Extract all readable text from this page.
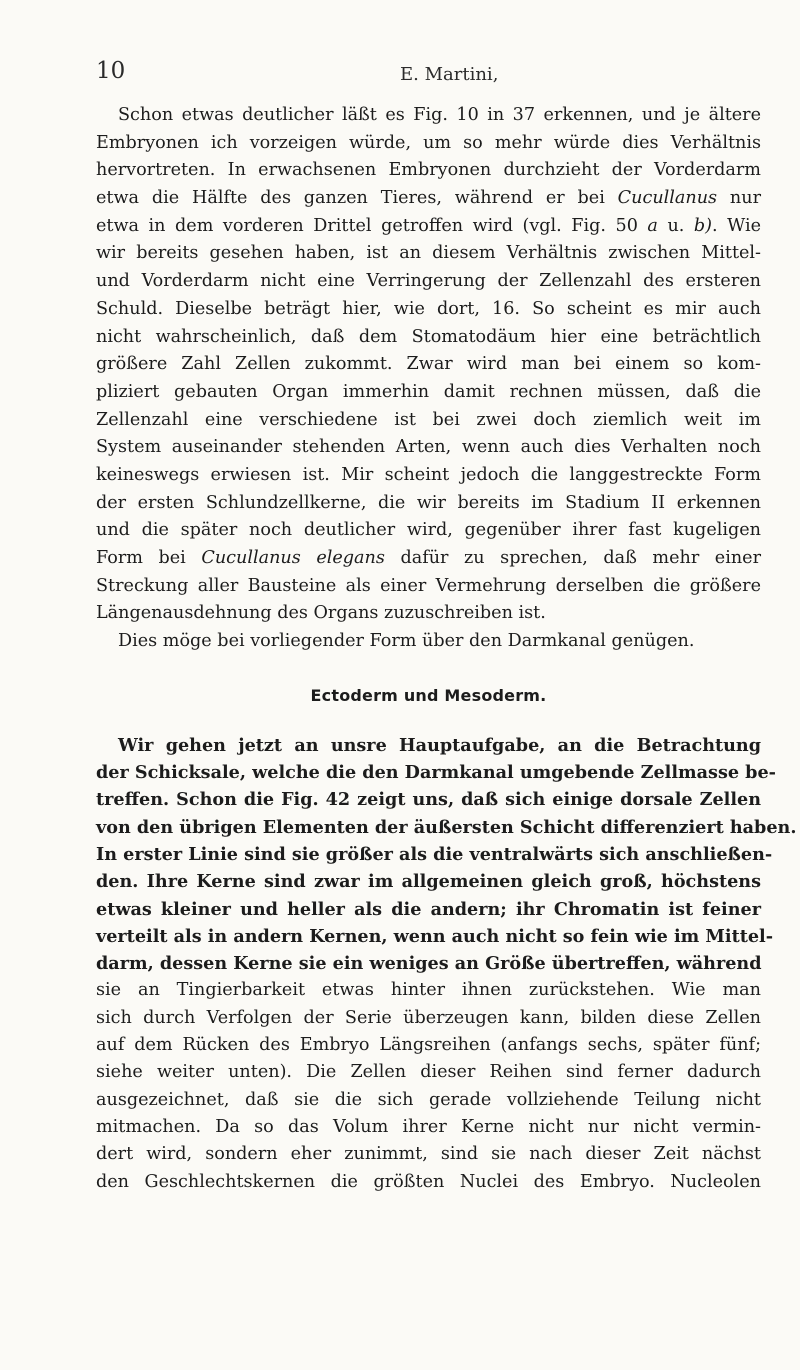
10	E. Martini,
Schon etwas deutlicher läßt es Fig. 10 in 37 erkennen, und je ältere
Embryonen ich vorzeigen würde, um so mehr würde dies Verhältnis
hervortreten. In erwachsenen Embryonen durchzieht der Vorderdarm
etwa die Hälfte des ganzen Tieres, während er bei Cucullanus nur
etwa in dem vorderen Drittel getroffen wird (vgl. Fig. 50 a u. b). Wie
wir bereits gesehen haben, ist an diesem Verhältnis zwischen Mittel-
und Vorderdarm nicht eine Verringerung der Zellenzahl des ersteren
Schuld. Dieselbe beträgt hier, wie dort, 16. So scheint es mir auch
nicht wahrscheinlich, daß dem Stomatodäum hier eine beträchtlich
größere Zahl Zellen zukommt. Zwar wird man bei einem so kom-
pliziert gebauten Organ immerhin damit rechnen müssen, daß die
Zellenzahl eine verschiedene ist bei zwei doch ziemlich weit im
System auseinander stehenden Arten, wenn auch dies Verhalten noch
keineswegs erwiesen ist. Mir scheint jedoch die langgestreckte Form
der ersten Schlundzellkerne, die wir bereits im Stadium II erkennen
und die später noch deutlicher wird, gegenüber ihrer fast kugeligen
Form bei Cucullanus elegans dafür zu sprechen, daß mehr einer
Streckung aller Bausteine als einer Vermehrung derselben die größere
Längenausdehnung des Organs zuzuschreiben ist.
Dies möge bei vorliegender Form über den Darmkanal genügen.
Ectoderm und Mesoderm.
Wir gehen jetzt an unsre Hauptaufgabe, an die Betrachtung
der Schicksale, welche die den Darmkanal umgebende Zellmasse be-
treffen. Schon die Fig. 42 zeigt uns, daß sich einige dorsale Zellen
von den übrigen Elementen der äußersten Schicht differenziert haben.
In erster Linie sind sie größer als die ventralwärts sich anschließen-
den. Ihre Kerne sind zwar im allgemeinen gleich groß, höchstens
etwas kleiner und heller als die andern; ihr Chromatin ist feiner
verteilt als in andern Kernen, wenn auch nicht so fein wie im Mittel-
darm, dessen Kerne sie ein weniges an Größe übertreffen, während
sie an Tingierbarkeit etwas hinter ihnen zurückstehen. Wie man
sich durch Verfolgen der Serie überzeugen kann, bilden diese Zellen
auf dem Rücken des Embryo Längsreihen (anfangs sechs, später fünf;
siehe weiter unten). Die Zellen dieser Reihen sind ferner dadurch
ausgezeichnet, daß sie die sich gerade vollziehende Teilung nicht
mitmachen. Da so das Volum ihrer Kerne nicht nur nicht vermin-
dert wird, sondern eher zunimmt, sind sie nach dieser Zeit nächst
den Geschlechtskernen die größten Nuclei des Embryo. Nucleolen
